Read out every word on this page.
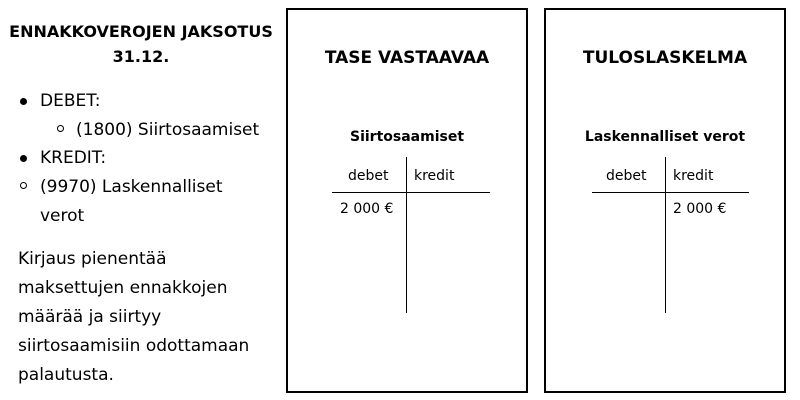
ENNAKKOVEROJEN JAKSOTUS
31.12.
DEBET:
(1800) Siirtosaamiset
KREDIT:
(9970) Laskennalliset
verot
Kirjaus pienentää
maksettujen ennakkojen
määrää ja siirtyy
siirtosaamisiin odottamaan
palautusta.
TASE VASTAAVAA
Siirtosaamiset
debet kredit
2 000 €
TULOSLASKELMA
Laskennalliset verot
debet kredit
2 000 €
